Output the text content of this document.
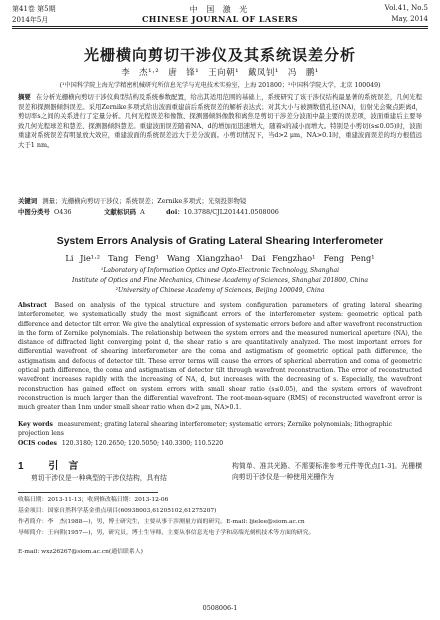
第41卷 第5期
2014年5月
中 国 激 光
CHINESE JOURNAL OF LASERS
Vol.41, No.5
May, 2014
光栅横向剪切干涉仪及其系统误差分析
李　杰¹·²　唐　锋¹　王向朝¹　戴凤钊¹　冯　鹏¹
(¹中国科学院上海光学精密机械研究所信息光学与光电技术实验室，上海 201800；²中国科学院大学，北京 100049)
摘要 在分析光栅横向剪切干涉仪典型结构及系统参数配置，给出其适用范围的基础上，系统研究了该干涉仪结构最显著的系统误差，几何光程误差和探测器倾斜误差。采用Zernike多项式给出波面重建前后系统误差的解析表达式；对其大小与被测数值孔径(NA)，衍射光会聚点距离d，剪切率s之间的关系进行了定量分析。几何光程误差和像散、探测器倾斜像散和离焦是剪切干涉差分波面中最主要的误差项，波面重建后主要导致几何光程球差和慧差、探测器倾斜慧差。重建波面误差随着NA、d的增加而迅速增大，随着s的减小而增大。特别是小剪切(s≤0.05)时，波面重建对系统误差有明显放大效应，重建波面的系统误差远大于差分波面。小剪切情况下，当d>2 μm，NA>0.1时，重建波面误差的均方根值远大于1 nm。
关键词 测量；光栅横向剪切干涉仪；系统误差；Zernike多项式；光刻投影物镜
中图分类号 O436	文献标识码 A	doi：10.3788/CJL201441.0508006
System Errors Analysis of Grating Lateral Shearing Interferometer
Li Jie¹·²　Tang Feng¹　Wang Xiangzhao¹　Dai Fengzhao¹　Feng Peng¹
¹Laboratory of Information Optics and Opto-Electronic Technology, Shanghai
Institute of Optics and Fine Mechanics, Chinese Academy of Sciences, Shanghai 201800, China
²University of Chinese Academy of Sciences, Beijing 100049, China
Abstract Based on analysis of the typical structure and system configuration parameters of grating lateral shearing interferometer, we systematically study the most significant errors of the interferometer system: geometric optical path difference and detector tilt error. We give the analytical expression of systematic errors before and after wavefront reconstruction in the form of Zernike polynomials. The relationship between the system errors and the measured numerical aperture (NA), the distance of diffracted light converging point d, the shear ratio s are quantitatively analyzed. The most important errors for differential wavefront of shearing interferometer are the coma and astigmatism of geometric optical path difference, the astigmatism and defocus of detector tilt. These error terms will cause the errors of spherical aberration and coma of geometric optical path difference, the coma and astigmatism of detector tilt through wavefront reconstruction. The error of reconstructed wavefront increases rapidly with the increasing of NA, d, but increases with the decreasing of s. Especially, the wavefront reconstruction has gained effect on system errors with small shear ratio (s≤0.05), and the system errors of wavefront reconstruction is much larger than the differential wavefront. The root-mean-square (RMS) of reconstructed wavefront error is much greater than 1nm under small shear ratio when d>2 μm, NA>0.1.
Key words measurement; grating lateral shearing interferometer; systematic errors; Zernike polynomials; lithographic projection lens
OCIS codes 120.3180; 120.2650; 120.5050; 140.3300; 110.5220
1 引　言
剪切干涉仪是一种典型的干涉仪结构，具有结
构简单、准共光路、不需要标准参考元件等优点[1-3]。光栅横向剪切干涉仪是一种使用光栅作为
收稿日期：2013-11-13；收到修改稿日期：2013-12-06
基金项目：国家自然科学基金重点项目(60938003,61205102,61275207)
作者简介：李　杰(1988—)，男，博士研究生，主要从事干涉测量方面的研究。E-mail: ljielee@siom.ac.cn
导师简介：王向朝(1957—)，男，研究员，博士生导师，主要从事信息光电子学和高端光刻机技术等方面的研究。
E-mail: wxz26267@siom.ac.cn(通信联系人)
0508006-1
